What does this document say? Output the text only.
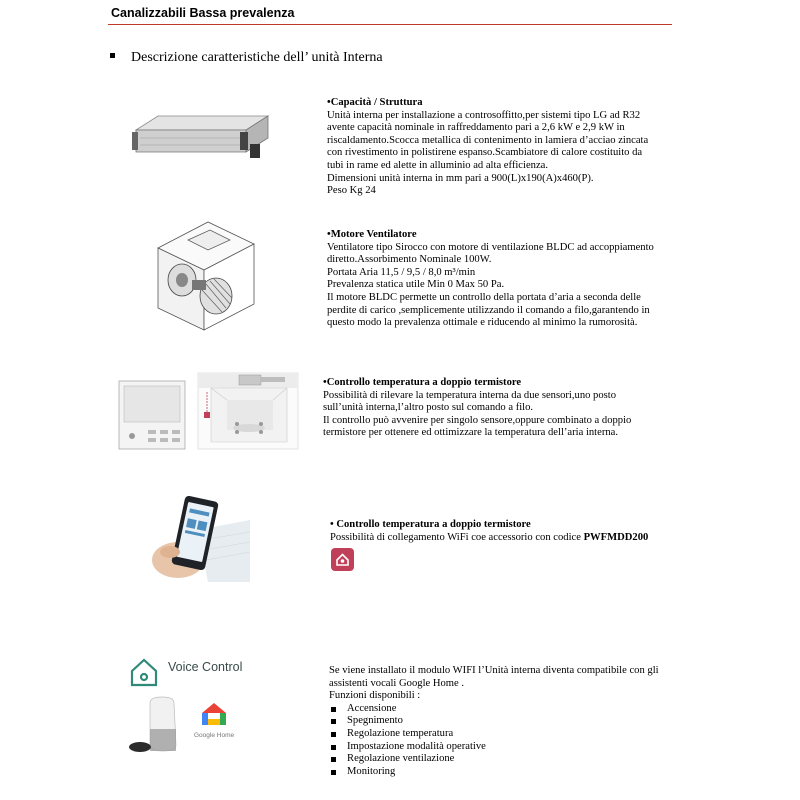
Canalizzabili Bassa prevalenza
Descrizione caratteristiche dell’ unità Interna
•Capacità / Struttura
Unità interna per installazione a controsoffitto,per sistemi tipo LG ad R32
avente capacità nominale in raffreddamento pari a 2,6 kW e 2,9 kW in
riscaldamento.Scocca metallica di contenimento in lamiera d’acciao zincata
con rivestimento in polistirene espanso.Scambiatore di calore costituito da
tubi in rame ed alette in alluminio ad alta efficienza.
Dimensioni unità interna in mm pari a 900(L)x190(A)x460(P).
Peso Kg 24
•Motore Ventilatore
Ventilatore tipo Sirocco con motore di ventilazione BLDC ad accoppiamento
diretto.Assorbimento Nominale 100W.
Portata Aria 11,5 / 9,5 / 8,0 m³/min
Prevalenza statica utile Min 0 Max 50 Pa.
Il motore BLDC permette un controllo della portata d’aria a seconda delle
perdite di carico ,semplicemente utilizzando il comando a filo,garantendo in
questo modo la prevalenza ottimale e riducendo al minimo la rumorosità.
•Controllo temperatura a doppio termistore
Possibilità di rilevare la temperatura interna da due sensori,uno posto
sull’unità interna,l’altro posto sul comando a filo.
Il controllo può avvenire per singolo sensore,oppure combinato a doppio
termistore per ottenere ed ottimizzare la temperatura dell’aria interna.
• Controllo temperatura a doppio termistore
Possibilità di collegamento WiFi coe accessorio con codice PWFMDD200
Voice Control
Google Home
Se viene installato il modulo WIFI l’Unità interna diventa compatibile con gli
assistenti vocali Google Home .
Funzioni disponibili :
Accensione
Spegnimento
Regolazione temperatura
Impostazione modalità operative
Regolazione ventilazione
Monitoring
